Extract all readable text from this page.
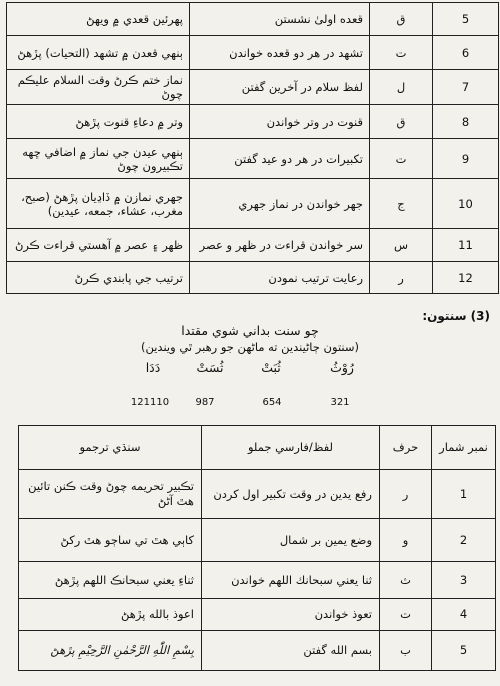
پهرئين قعدي ۾ ويهڻ	قعده اولیٰ نشستن	ق	5
ٻنهي قعدن ۾ تشهد (التحيات) پڙهڻ	تشهد در هر دو قعده خواندن	ت	6
نماز ختم ڪرڻ وقت السلام عليڪم چوڻ	لفظ سلام در آخرين گفتن	ل	7
وتر ۾ دعاءِ قنوت پڙهڻ	قنوت در وتر خواندن	ق	8
ٻنهي عيدن جي نماز ۾ اضافي ڇهه تڪبيرون چوڻ	تكبيرات در هر دو عيد گفتن	ت	9
جهري نمازن ۾ ڏاڍيان پڙهڻ (صبح، مغرب، عشاء، جمعه، عيدين)	جهر خواندن در نماز جهري	ج	10
ظهر ۽ عصر ۾ آهستي قراءت ڪرڻ	سر خواندن قراءت در ظهر و عصر	س	11
ترتيب جي پابندي ڪرڻ	رعايت ترتيب نمودن	ر	12
(3) سنتون:
چو سنت بداني شوي مقتدا
(سنتون ڄاڻيندين ته ماڻهن جو رهبر ٿي ويندين)
رُوْثُ
ثُبَتْ
ثُسَتْ
دَدَا
321
654
987
121110
سنڌي ترجمو	لفظ/فارسي جملو	حرف	نمبر شمار
تڪبير تحريمه چوڻ وقت ڪنن تائين هٿ آڻڻ	رفع يدين در وقت تكبير اول كردن	ر	1
کاٻي هٿ تي ساڄو هٿ رکڻ	وضع يمين بر شمال	و	2
ثناءِ يعني سبحانڪ اللهم پڙهڻ	ثنا يعني سبحانك اللهم خواندن	ث	3
اعوذ بالله پڙهڻ	تعوذ خواندن	ت	4
بِسْمِ اللّٰهِ الرَّحْمٰنِ الرَّحِيْمِ پڙهڻ	بسم الله گفتن	ب	5
